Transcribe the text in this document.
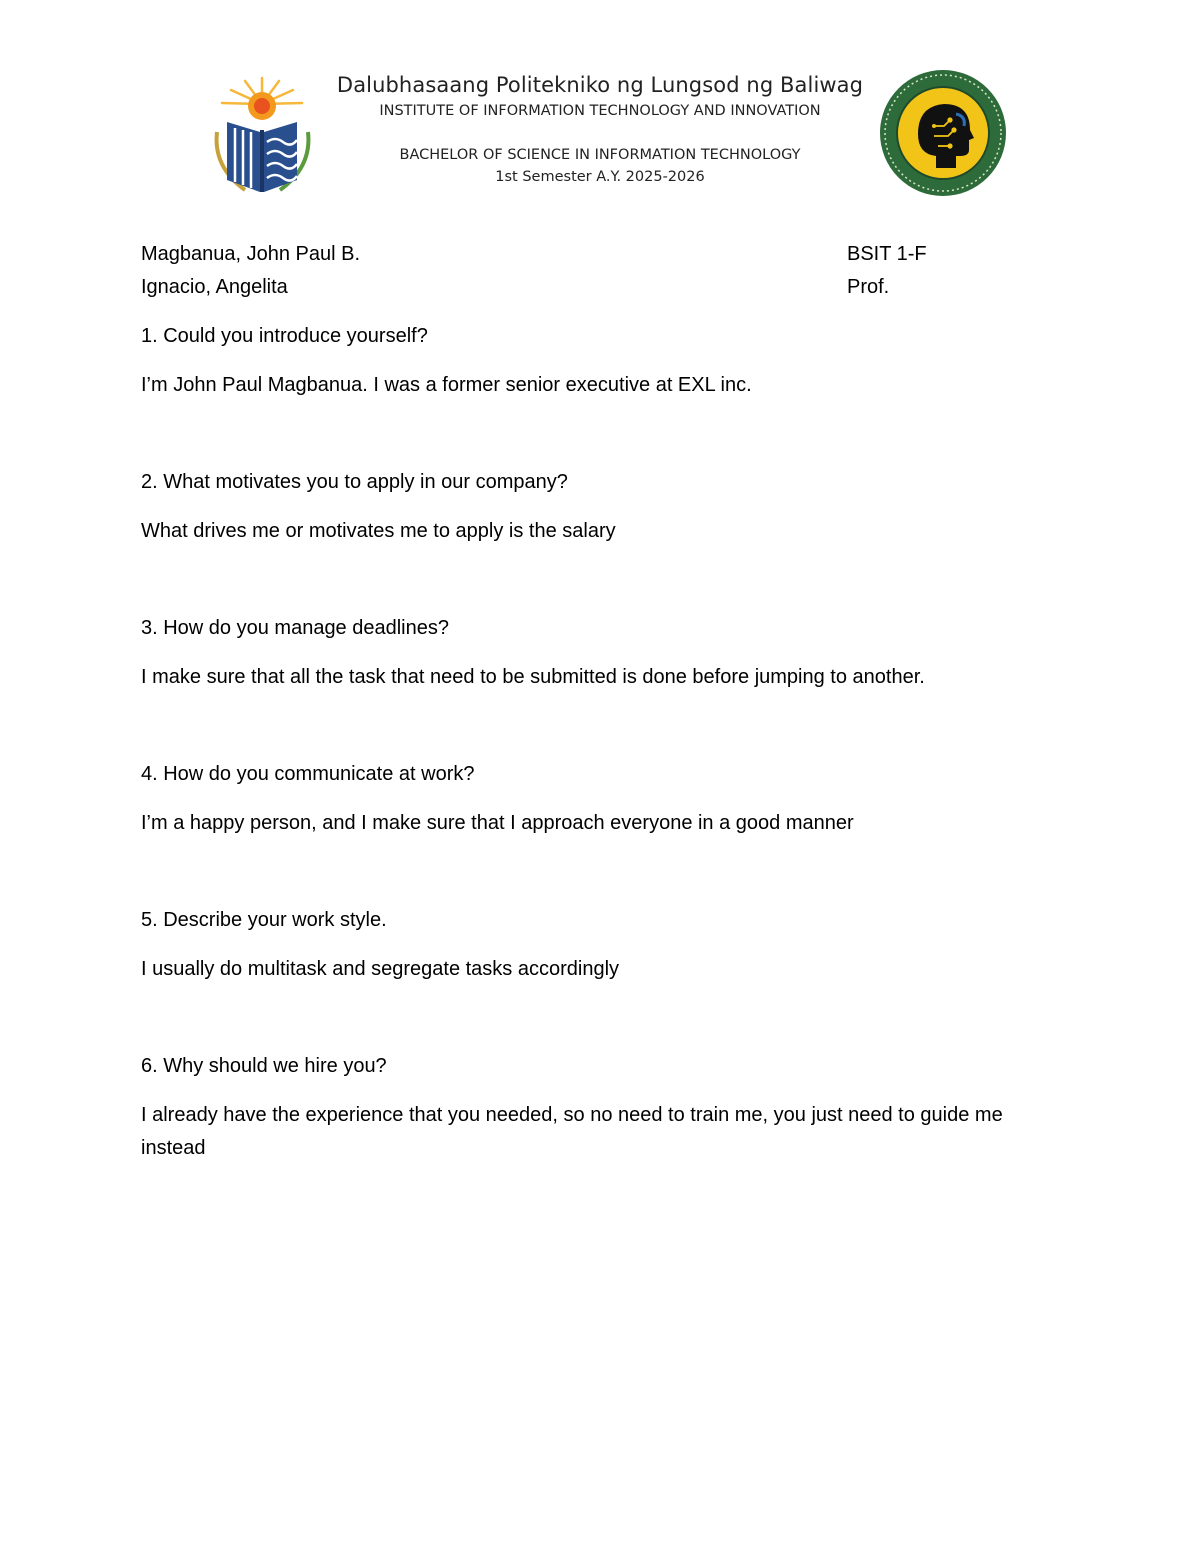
Dalubhasaang Politekniko ng Lungsod ng Baliwag
INSTITUTE OF INFORMATION TECHNOLOGY AND INNOVATION
BACHELOR OF SCIENCE IN INFORMATION TECHNOLOGY
1st Semester A.Y. 2025-2026
Magbanua, John Paul B.	BSIT 1-F
Ignacio, Angelita	Prof.
1. Could you introduce yourself?
I’m John Paul Magbanua. I was a former senior executive at EXL inc.
2. What motivates you to apply in our company?
What drives me or motivates me to apply is the salary
3. How do you manage deadlines?
I make sure that all the task that need to be submitted is done before jumping to another.
4. How do you communicate at work?
I’m a happy person, and I make sure that I approach everyone in a good manner
5. Describe your work style.
I usually do multitask and segregate tasks accordingly
6. Why should we hire you?
I already have the experience that you needed, so no need to train me, you just need to guide me instead
